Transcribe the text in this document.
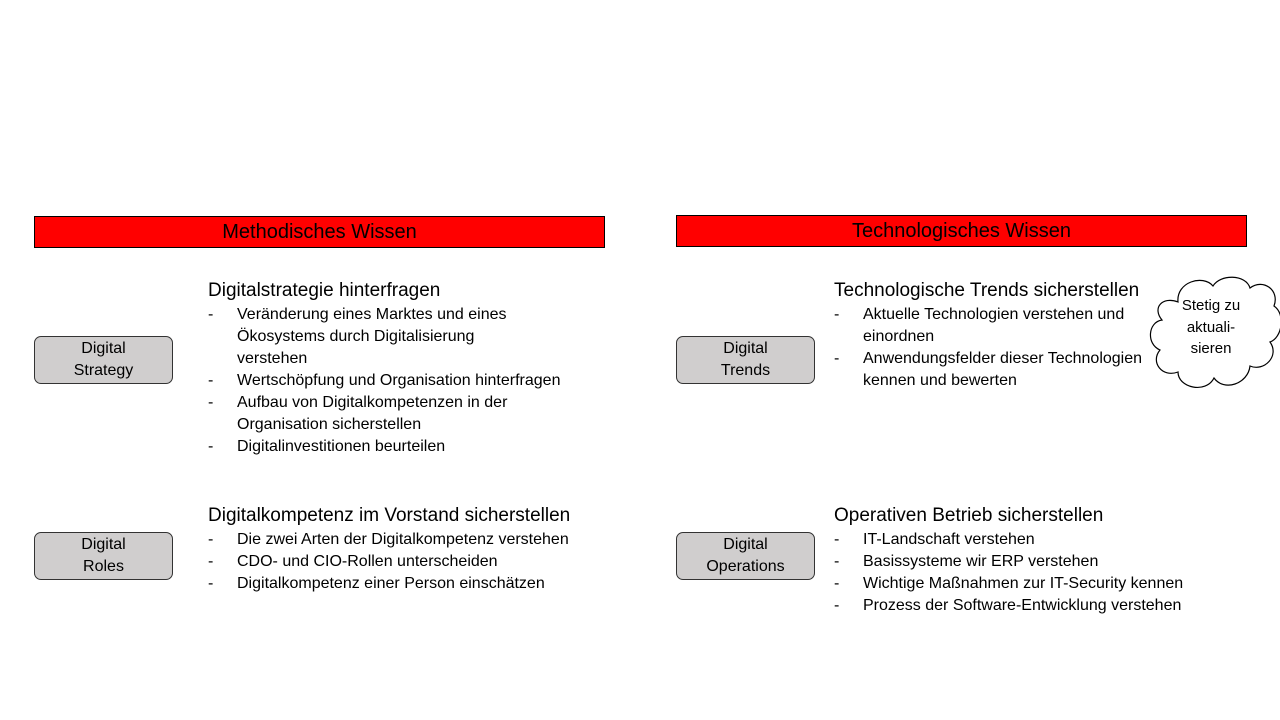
Methodisches Wissen	Technologisches Wissen
Digital
Strategy
Digitalstrategie hinterfragen
- Veränderung eines Marktes und eines Ökosystems durch Digitalisierung verstehen
- Wertschöpfung und Organisation hinterfragen
- Aufbau von Digitalkompetenzen in der Organisation sicherstellen
- Digitalinvestitionen beurteilen
Digital
Roles
Digitalkompetenz im Vorstand sicherstellen
- Die zwei Arten der Digitalkompetenz verstehen
- CDO- und CIO-Rollen unterscheiden
- Digitalkompetenz einer Person einschätzen
Digital
Trends
Technologische Trends sicherstellen
- Aktuelle Technologien verstehen und einordnen
- Anwendungsfelder dieser Technologien kennen und bewerten
Digital
Operations
Operativen Betrieb sicherstellen
- IT-Landschaft verstehen
- Basissysteme wir ERP verstehen
- Wichtige Maßnahmen zur IT-Security kennen
- Prozess der Software-Entwicklung verstehen
Stetig zu
aktuali-
sieren
